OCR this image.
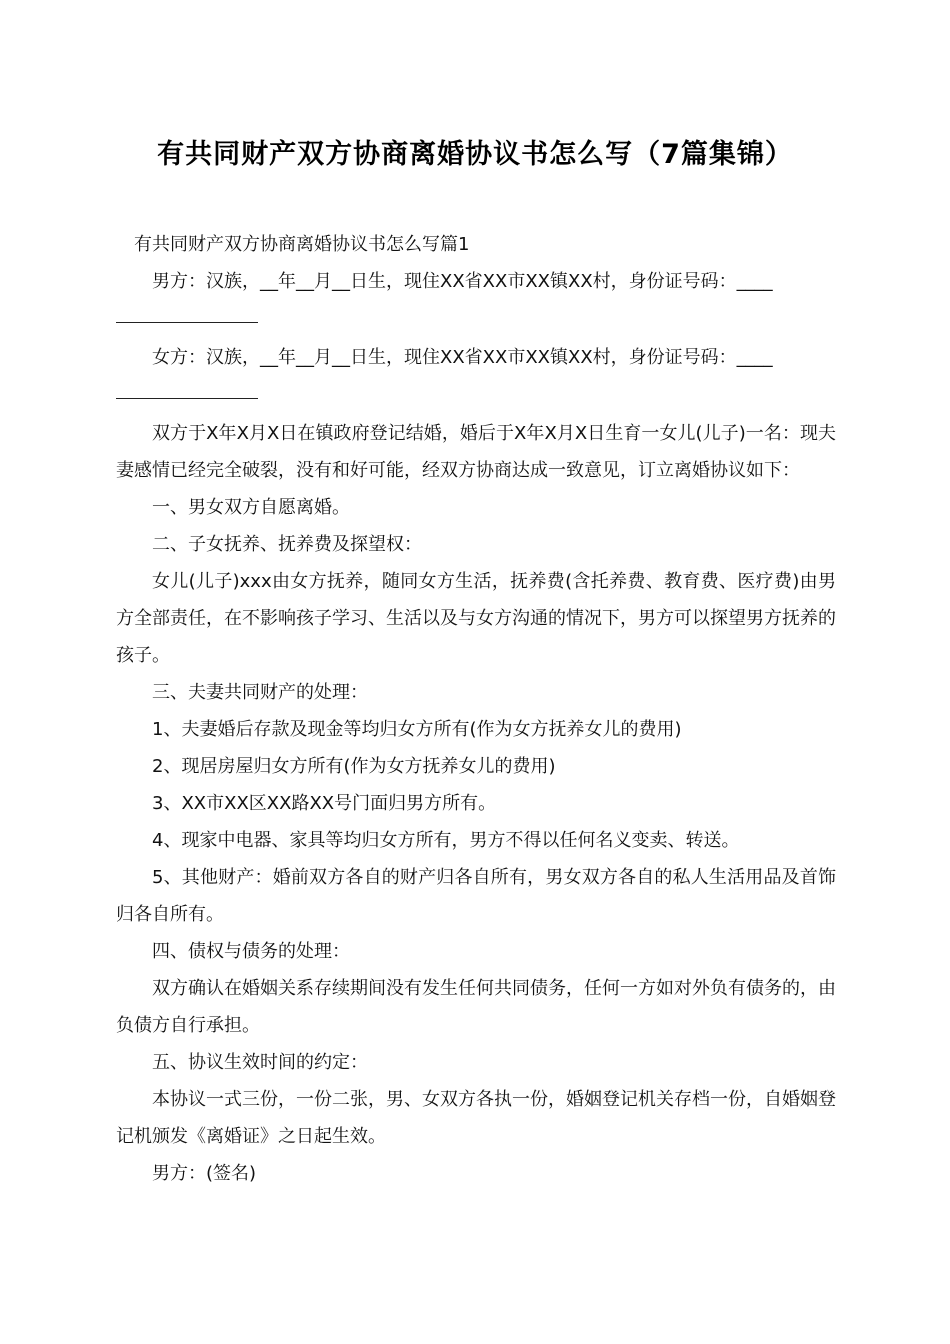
有共同财产双方协商离婚协议书怎么写（7篇集锦）

有共同财产双方协商离婚协议书怎么写篇1

男方：汉族，__年__月__日生，现住XX省XX市XX镇XX村，身份证号码：____

女方：汉族，__年__月__日生，现住XX省XX市XX镇XX村，身份证号码：____

双方于X年X月X日在镇政府登记结婚，婚后于X年X月X日生育一女儿(儿子)一名：现夫妻感情已经完全破裂，没有和好可能，经双方协商达成一致意见，订立离婚协议如下：

一、男女双方自愿离婚。

二、子女抚养、抚养费及探望权：

女儿(儿子)xxx由女方抚养，随同女方生活，抚养费(含托养费、教育费、医疗费)由男方全部责任，在不影响孩子学习、生活以及与女方沟通的情况下，男方可以探望男方抚养的孩子。

三、夫妻共同财产的处理：

1、夫妻婚后存款及现金等均归女方所有(作为女方抚养女儿的费用)

2、现居房屋归女方所有(作为女方抚养女儿的费用)

3、XX市XX区XX路XX号门面归男方所有。

4、现家中电器、家具等均归女方所有，男方不得以任何名义变卖、转送。

5、其他财产：婚前双方各自的财产归各自所有，男女双方各自的私人生活用品及首饰归各自所有。

四、债权与债务的处理：

双方确认在婚姻关系存续期间没有发生任何共同债务，任何一方如对外负有债务的，由负债方自行承担。

五、协议生效时间的约定：

本协议一式三份，一份二张，男、女双方各执一份，婚姻登记机关存档一份，自婚姻登记机颁发《离婚证》之日起生效。

男方：(签名)
